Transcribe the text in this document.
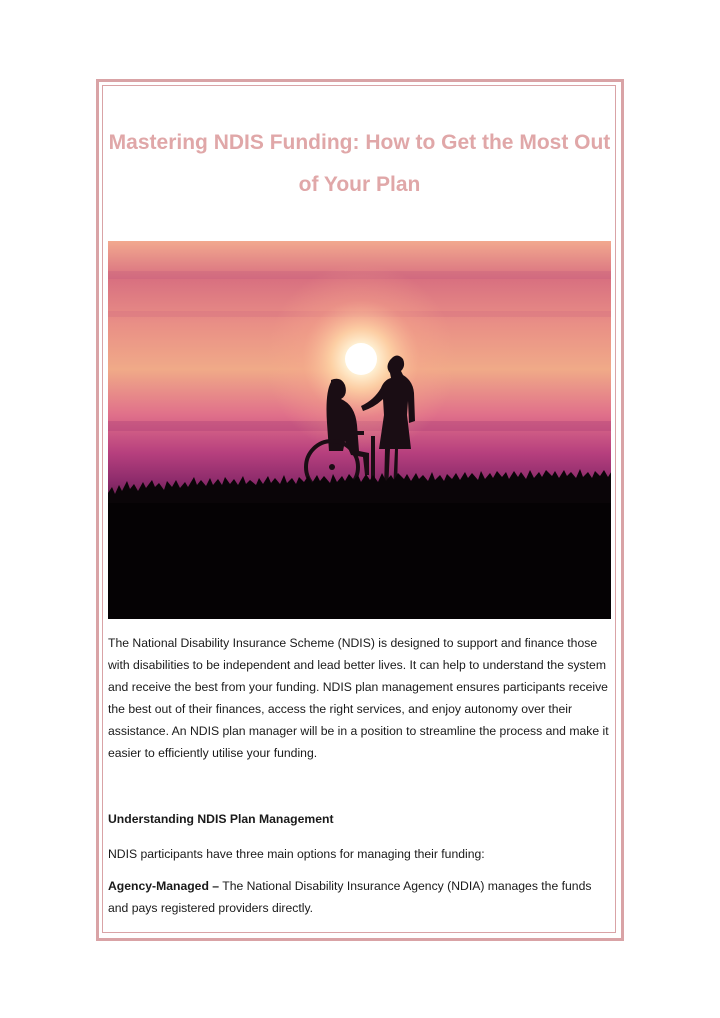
Mastering NDIS Funding: How to Get the Most Out of Your Plan

The National Disability Insurance Scheme (NDIS) is designed to support and finance those with disabilities to be independent and lead better lives. It can help to understand the system and receive the best from your funding. NDIS plan management ensures participants receive the best out of their finances, access the right services, and enjoy autonomy over their assistance. An NDIS plan manager will be in a position to streamline the process and make it easier to efficiently utilise your funding.

Understanding NDIS Plan Management

NDIS participants have three main options for managing their funding:

Agency-Managed – The National Disability Insurance Agency (NDIA) manages the funds and pays registered providers directly.
